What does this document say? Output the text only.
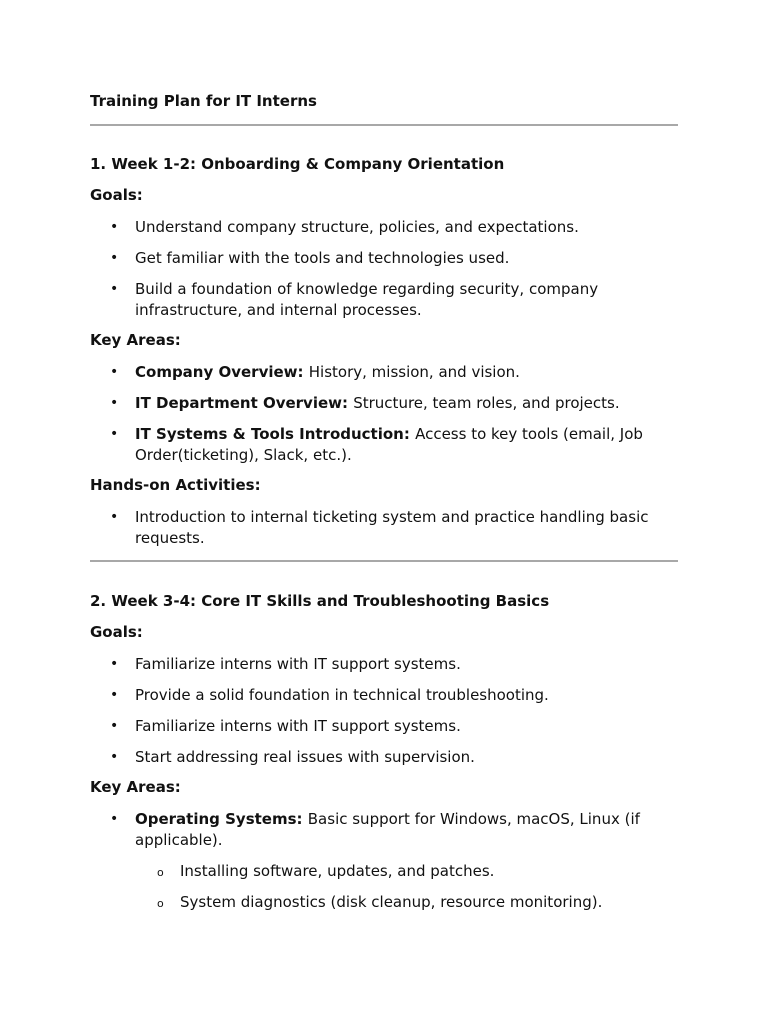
Training Plan for IT Interns
1. Week 1-2: Onboarding & Company Orientation
Goals:
• Understand company structure, policies, and expectations.
• Get familiar with the tools and technologies used.
• Build a foundation of knowledge regarding security, company infrastructure, and internal processes.
Key Areas:
• Company Overview: History, mission, and vision.
• IT Department Overview: Structure, team roles, and projects.
• IT Systems & Tools Introduction: Access to key tools (email, Job Order(ticketing), Slack, etc.).
Hands-on Activities:
• Introduction to internal ticketing system and practice handling basic requests.
2. Week 3-4: Core IT Skills and Troubleshooting Basics
Goals:
• Familiarize interns with IT support systems.
• Provide a solid foundation in technical troubleshooting.
• Familiarize interns with IT support systems.
• Start addressing real issues with supervision.
Key Areas:
• Operating Systems: Basic support for Windows, macOS, Linux (if applicable).
o Installing software, updates, and patches.
o System diagnostics (disk cleanup, resource monitoring).
